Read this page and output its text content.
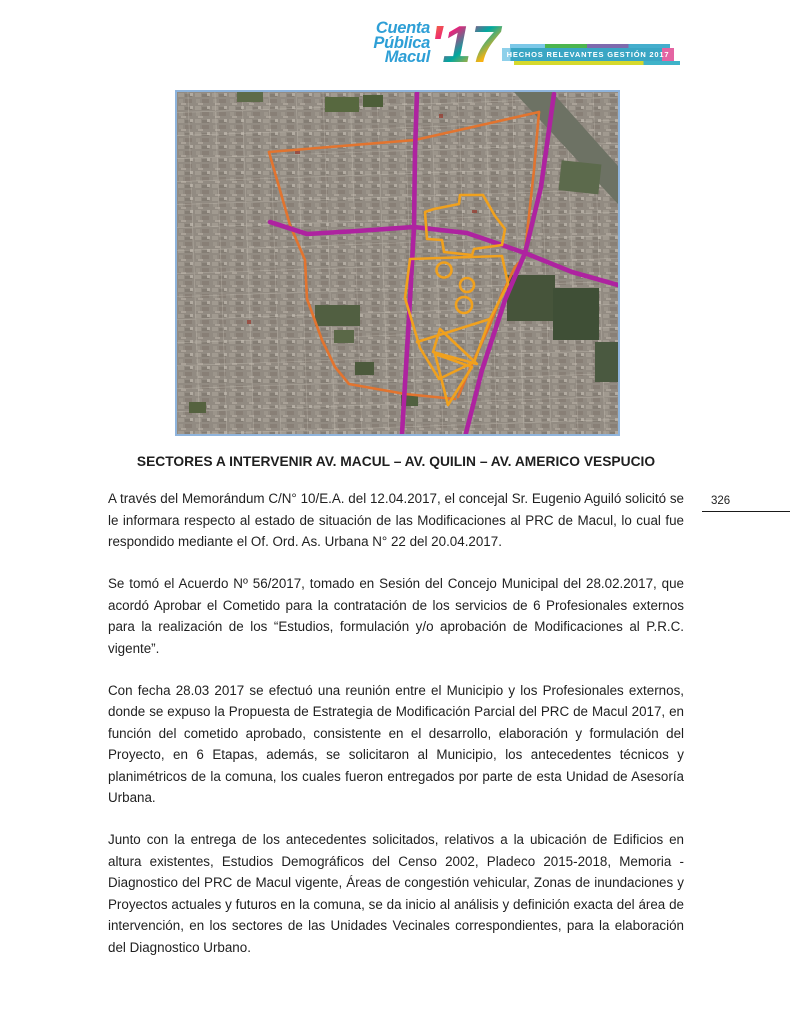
Cuenta
Pública
Macul '17 HECHOS RELEVANTES GESTIÓN 2017
326
SECTORES A INTERVENIR AV. MACUL – AV. QUILIN – AV. AMERICO VESPUCIO

A través del Memorándum C/N° 10/E.A. del 12.04.2017, el concejal Sr. Eugenio Aguiló solicitó se le informara respecto al estado de situación de las Modificaciones al PRC de Macul, lo cual fue respondido mediante el Of. Ord. As. Urbana N° 22 del 20.04.2017.

Se tomó el Acuerdo Nº 56/2017, tomado en Sesión del Concejo Municipal del 28.02.2017, que acordó Aprobar el Cometido para la contratación de los servicios de 6 Profesionales externos para la realización de los “Estudios, formulación y/o aprobación de Modificaciones al P.R.C. vigente”.

Con fecha 28.03 2017 se efectuó una reunión entre el Municipio y los Profesionales externos, donde se expuso la Propuesta de Estrategia de Modificación Parcial del PRC de Macul 2017, en función del cometido aprobado, consistente en el desarrollo, elaboración y formulación del Proyecto, en 6 Etapas, además, se solicitaron al Municipio, los antecedentes técnicos y planimétricos de la comuna, los cuales fueron entregados por parte de esta Unidad de Asesoría Urbana.

Junto con la entrega de los antecedentes solicitados, relativos a la ubicación de Edificios en altura existentes, Estudios Demográficos del Censo 2002, Pladeco 2015-2018, Memoria - Diagnostico del PRC de Macul vigente, Áreas de congestión vehicular, Zonas de inundaciones y Proyectos actuales y futuros en la comuna, se da inicio al análisis y definición exacta del área de intervención, en los sectores de las Unidades Vecinales correspondientes, para la elaboración del Diagnostico Urbano.
